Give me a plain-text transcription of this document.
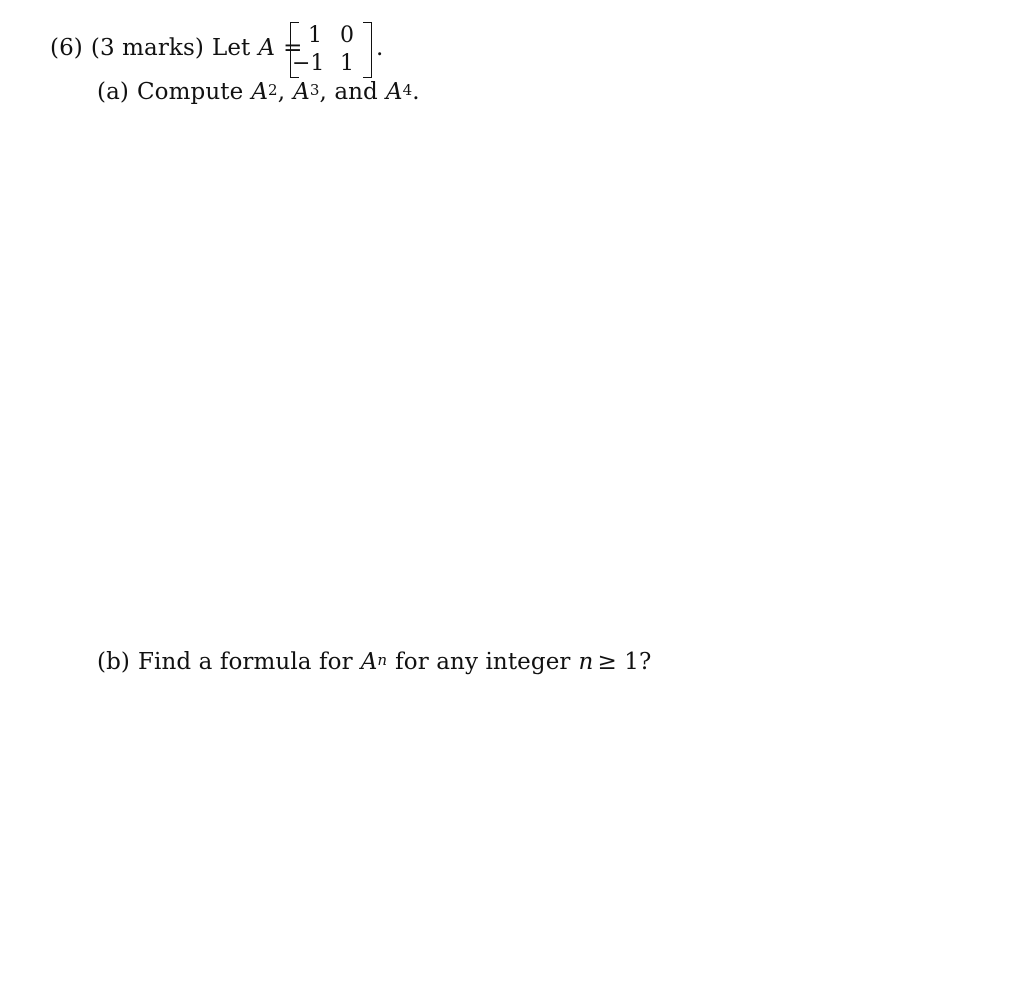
(6) (3 marks) Let A = 1 0
−1 1
.
(a) Compute $A^2$, $A^3$, and $A^4$.
(b) Find a formula for $A^n$ for any integer n ≥ 1?
